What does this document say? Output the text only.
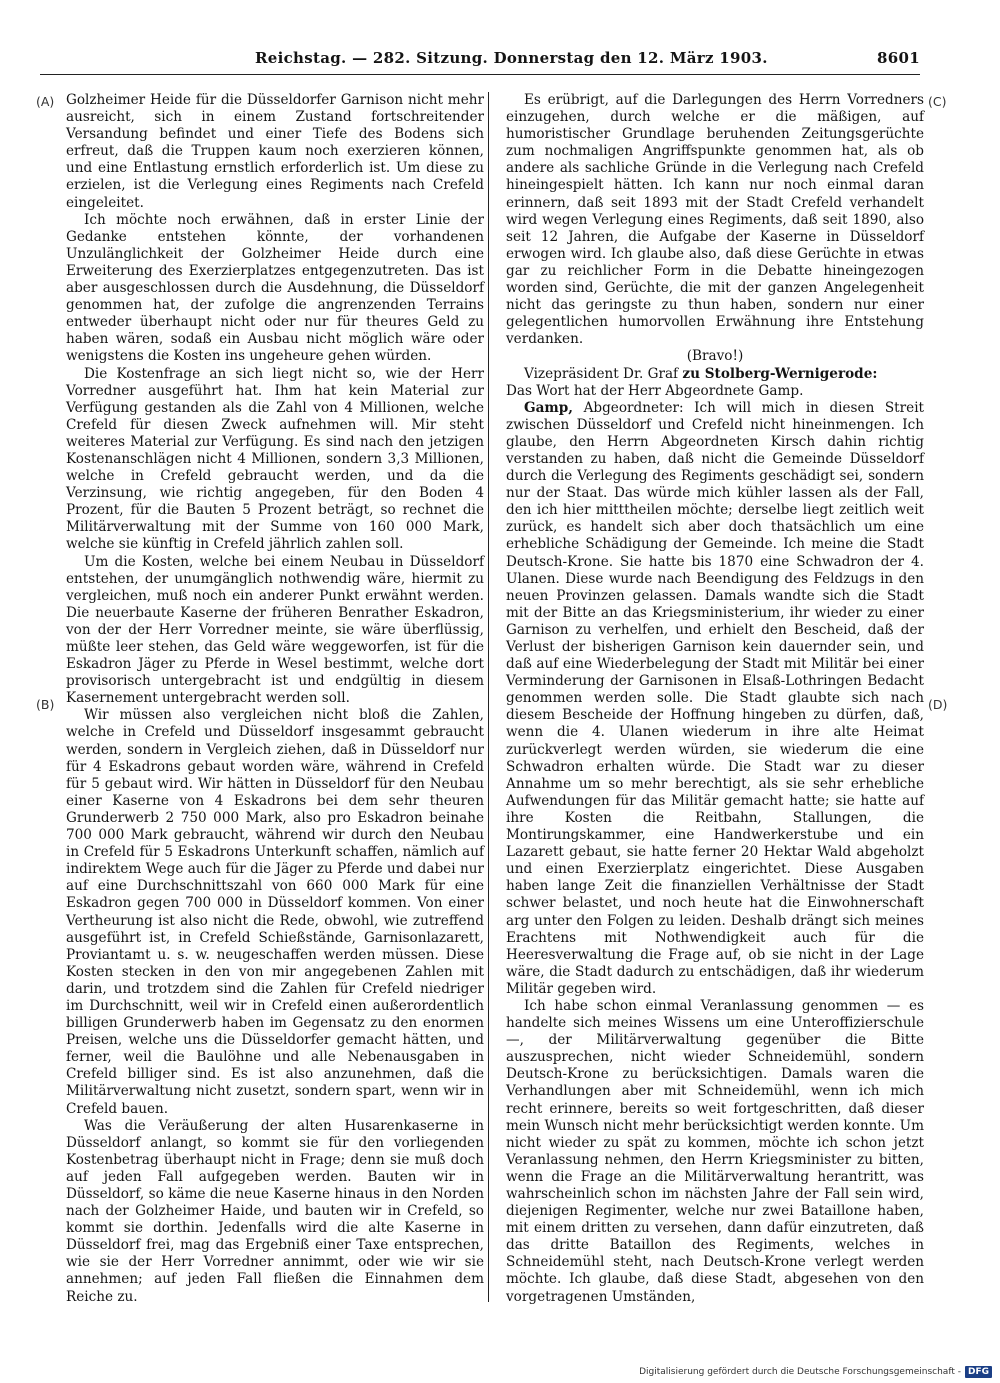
Reichstag. — 282. Sitzung. Donnerstag den 12. März 1903.	8601
(A)
(B)
(C)
(D)

Golzheimer Heide für die Düsseldorfer Garnison nicht mehr ausreicht, sich in einem Zustand fortschreitender Versandung befindet und einer Tiefe des Bodens sich erfreut, daß die Truppen kaum noch exerzieren können, und eine Entlastung ernstlich erforderlich ist. Um diese zu erzielen, ist die Verlegung eines Regiments nach Crefeld eingeleitet.

Ich möchte noch erwähnen, daß in erster Linie der Gedanke entstehen könnte, der vorhandenen Unzulänglichkeit der Golzheimer Heide durch eine Erweiterung des Exerzierplatzes entgegenzutreten. Das ist aber ausgeschlossen durch die Ausdehnung, die Düsseldorf genommen hat, der zufolge die angrenzenden Terrains entweder überhaupt nicht oder nur für theures Geld zu haben wären, sodaß ein Ausbau nicht möglich wäre oder wenigstens die Kosten ins ungeheure gehen würden.

Die Kostenfrage an sich liegt nicht so, wie der Herr Vorredner ausgeführt hat. Ihm hat kein Material zur Verfügung gestanden als die Zahl von 4 Millionen, welche Crefeld für diesen Zweck aufnehmen will. Mir steht weiteres Material zur Verfügung. Es sind nach den jetzigen Kostenanschlägen nicht 4 Millionen, sondern 3,3 Millionen, welche in Crefeld gebraucht werden, und da die Verzinsung, wie richtig angegeben, für den Boden 4 Prozent, für die Bauten 5 Prozent beträgt, so rechnet die Militärverwaltung mit der Summe von 160 000 Mark, welche sie künftig in Crefeld jährlich zahlen soll.

Um die Kosten, welche bei einem Neubau in Düsseldorf entstehen, der unumgänglich nothwendig wäre, hiermit zu vergleichen, muß noch ein anderer Punkt erwähnt werden. Die neuerbaute Kaserne der früheren Benrather Eskadron, von der der Herr Vorredner meinte, sie wäre überflüssig, müßte leer stehen, das Geld wäre weggeworfen, ist für die Eskadron Jäger zu Pferde in Wesel bestimmt, welche dort provisorisch untergebracht ist und endgültig in diesem Kasernement untergebracht werden soll.

Wir müssen also vergleichen nicht bloß die Zahlen, welche in Crefeld und Düsseldorf insgesammt gebraucht werden, sondern in Vergleich ziehen, daß in Düsseldorf nur für 4 Eskadrons gebaut worden wäre, während in Crefeld für 5 gebaut wird. Wir hätten in Düsseldorf für den Neubau einer Kaserne von 4 Eskadrons bei dem sehr theuren Grunderwerb 2 750 000 Mark, also pro Eskadron beinahe 700 000 Mark gebraucht, während wir durch den Neubau in Crefeld für 5 Eskadrons Unterkunft schaffen, nämlich auf indirektem Wege auch für die Jäger zu Pferde und dabei nur auf eine Durchschnittszahl von 660 000 Mark für eine Eskadron gegen 700 000 in Düsseldorf kommen. Von einer Vertheurung ist also nicht die Rede, obwohl, wie zutreffend ausgeführt ist, in Crefeld Schießstände, Garnisonlazarett, Proviantamt u. s. w. neugeschaffen werden müssen. Diese Kosten stecken in den von mir angegebenen Zahlen mit darin, und trotzdem sind die Zahlen für Crefeld niedriger im Durchschnitt, weil wir in Crefeld einen außerordentlich billigen Grunderwerb haben im Gegensatz zu den enormen Preisen, welche uns die Düsseldorfer gemacht hätten, und ferner, weil die Baulöhne und alle Nebenausgaben in Crefeld billiger sind. Es ist also anzunehmen, daß die Militärverwaltung nicht zusetzt, sondern spart, wenn wir in Crefeld bauen.

Was die Veräußerung der alten Husarenkaserne in Düsseldorf anlangt, so kommt sie für den vorliegenden Kostenbetrag überhaupt nicht in Frage; denn sie muß doch auf jeden Fall aufgegeben werden. Bauten wir in Düsseldorf, so käme die neue Kaserne hinaus in den Norden nach der Golzheimer Haide, und bauten wir in Crefeld, so kommt sie dorthin. Jedenfalls wird die alte Kaserne in Düsseldorf frei, mag das Ergebniß einer Taxe entsprechen, wie sie der Herr Vorredner annimmt, oder wie wir sie annehmen; auf jeden Fall fließen die Einnahmen dem Reiche zu.

Es erübrigt, auf die Darlegungen des Herrn Vorredners einzugehen, durch welche er die mäßigen, auf humoristischer Grundlage beruhenden Zeitungsgerüchte zum nochmaligen Angriffspunkte genommen hat, als ob andere als sachliche Gründe in die Verlegung nach Crefeld hineingespielt hätten. Ich kann nur noch einmal daran erinnern, daß seit 1893 mit der Stadt Crefeld verhandelt wird wegen Verlegung eines Regiments, daß seit 1890, also seit 12 Jahren, die Aufgabe der Kaserne in Düsseldorf erwogen wird. Ich glaube also, daß diese Gerüchte in etwas gar zu reichlicher Form in die Debatte hineingezogen worden sind, Gerüchte, die mit der ganzen Angelegenheit nicht das geringste zu thun haben, sondern nur einer gelegentlichen humorvollen Erwähnung ihre Entstehung verdanken.

(Bravo!)

Vizepräsident Dr. Graf zu Stolberg-Wernigerode:

Das Wort hat der Herr Abgeordnete Gamp.

Gamp, Abgeordneter: Ich will mich in diesen Streit zwischen Düsseldorf und Crefeld nicht hineinmengen. Ich glaube, den Herrn Abgeordneten Kirsch dahin richtig verstanden zu haben, daß nicht die Gemeinde Düsseldorf durch die Verlegung des Regiments geschädigt sei, sondern nur der Staat. Das würde mich kühler lassen als der Fall, den ich hier mitttheilen möchte; derselbe liegt zeitlich weit zurück, es handelt sich aber doch thatsächlich um eine erhebliche Schädigung der Gemeinde. Ich meine die Stadt Deutsch-Krone. Sie hatte bis 1870 eine Schwadron der 4. Ulanen. Diese wurde nach Beendigung des Feldzugs in den neuen Provinzen gelassen. Damals wandte sich die Stadt mit der Bitte an das Kriegsministerium, ihr wieder zu einer Garnison zu verhelfen, und erhielt den Bescheid, daß der Verlust der bisherigen Garnison kein dauernder sein, und daß auf eine Wiederbelegung der Stadt mit Militär bei einer Verminderung der Garnisonen in Elsaß-Lothringen Bedacht genommen werden solle. Die Stadt glaubte sich nach diesem Bescheide der Hoffnung hingeben zu dürfen, daß, wenn die 4. Ulanen wiederum in ihre alte Heimat zurückverlegt werden würden, sie wiederum die eine Schwadron erhalten würde. Die Stadt war zu dieser Annahme um so mehr berechtigt, als sie sehr erhebliche Aufwendungen für das Militär gemacht hatte; sie hatte auf ihre Kosten die Reitbahn, Stallungen, die Montirungskammer, eine Handwerkerstube und ein Lazarett gebaut, sie hatte ferner 20 Hektar Wald abgeholzt und einen Exerzierplatz eingerichtet. Diese Ausgaben haben lange Zeit die finanziellen Verhältnisse der Stadt schwer belastet, und noch heute hat die Einwohnerschaft arg unter den Folgen zu leiden. Deshalb drängt sich meines Erachtens mit Nothwendigkeit auch für die Heeresverwaltung die Frage auf, ob sie nicht in der Lage wäre, die Stadt dadurch zu entschädigen, daß ihr wiederum Militär gegeben wird.

Ich habe schon einmal Veranlassung genommen — es handelte sich meines Wissens um eine Unteroffizierschule —, der Militärverwaltung gegenüber die Bitte auszusprechen, nicht wieder Schneidemühl, sondern Deutsch-Krone zu berücksichtigen. Damals waren die Verhandlungen aber mit Schneidemühl, wenn ich mich recht erinnere, bereits so weit fortgeschritten, daß dieser mein Wunsch nicht mehr berücksichtigt werden konnte. Um nicht wieder zu spät zu kommen, möchte ich schon jetzt Veranlassung nehmen, den Herrn Kriegsminister zu bitten, wenn die Frage an die Militärverwaltung herantritt, was wahrscheinlich schon im nächsten Jahre der Fall sein wird, diejenigen Regimenter, welche nur zwei Bataillone haben, mit einem dritten zu versehen, dann dafür einzutreten, daß das dritte Bataillon des Regiments, welches in Schneidemühl steht, nach Deutsch-Krone verlegt werden möchte. Ich glaube, daß diese Stadt, abgesehen von den vorgetragenen Umständen,

Digitalisierung gefördert durch die Deutsche Forschungsgemeinschaft - DFG
